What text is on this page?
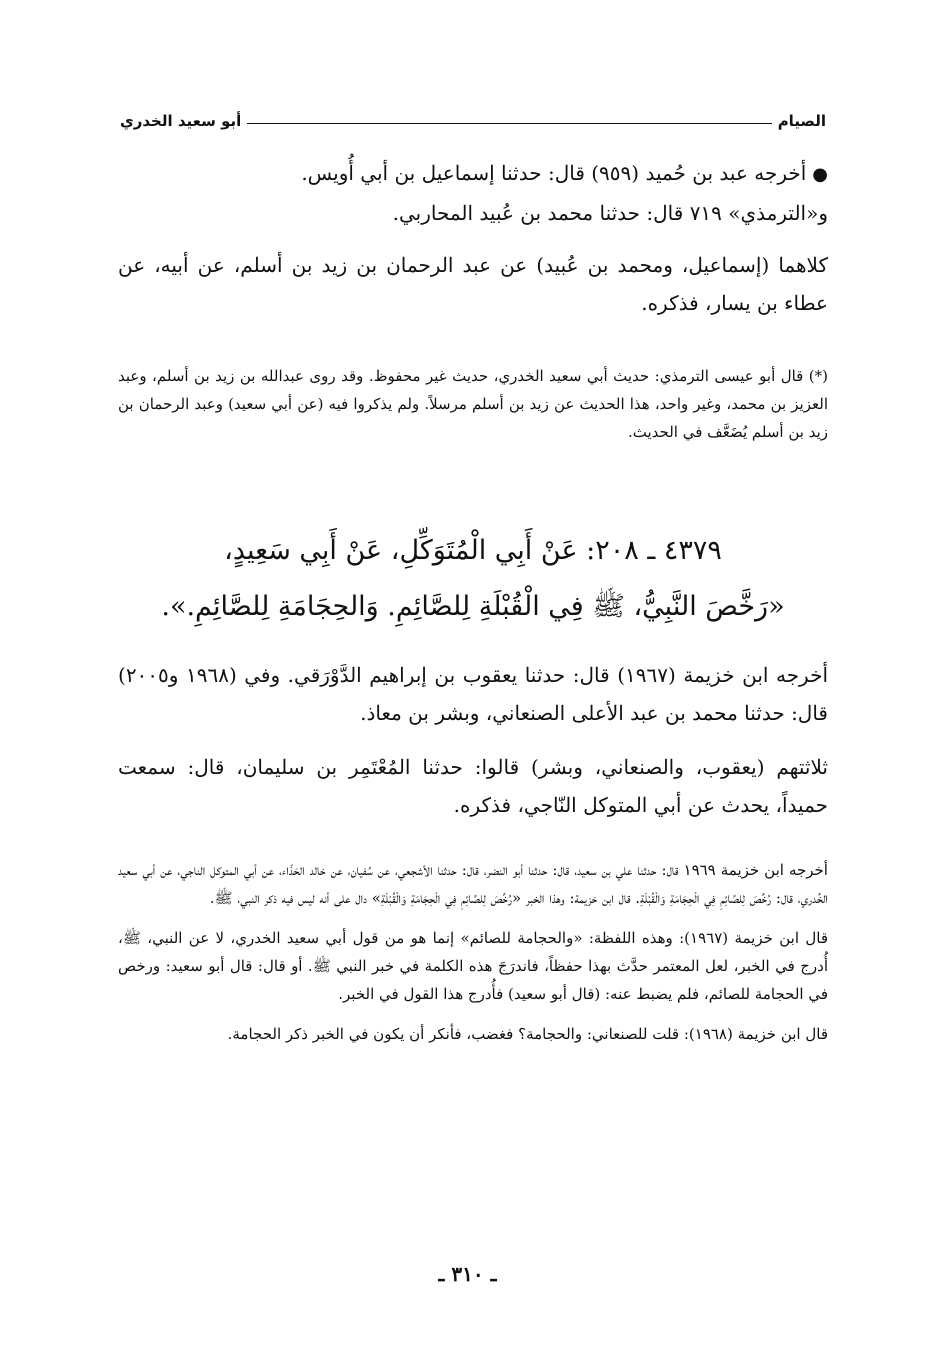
الصيام
أبو سعيد الخدري

●أخرجه عبد بن حُميد (٩٥٩) قال: حدثنا إسماعيل بن أبي أُويس.

و«الترمذي» ٧١٩ قال: حدثنا محمد بن عُبيد المحاربي.

كلاهما (إسماعيل، ومحمد بن عُبيد) عن عبد الرحمان بن زيد بن أسلم، عن أبيه، عن عطاء بن يسار، فذكره.

(*) قال أبو عيسى الترمذي: حديث أبي سعيد الخدري، حديث غير محفوظ. وقد روى عبدالله بن زيد بن أسلم، وعبد العزيز بن محمد، وغير واحد، هذا الحديث عن زيد بن أسلم مرسلاً. ولم يذكروا فيه (عن أبي سعيد) وعبد الرحمان بن زيد بن أسلم يُضَعَّف في الحديث.

٤٣٧٩ ـ ٢٠٨: عَنْ أَبِي الْمُتَوَكِّلِ، عَنْ أَبِي سَعِيدٍ،

«رَخَّصَ النَّبِيُّ، ﷺ فِي الْقُبْلَةِ لِلصَّائِمِ. وَالحِجَامَةِ لِلصَّائِمِ.».

أخرجه ابن خزيمة (١٩٦٧) قال: حدثنا يعقوب بن إبراهيم الدَّوْرَقي. وفي (١٩٦٨ و٢٠٠٥) قال: حدثنا محمد بن عبد الأعلى الصنعاني، وبشر بن معاذ.

ثلاثتهم (يعقوب، والصنعاني، وبشر) قالوا: حدثنا المُعْتَمِر بن سليمان، قال: سمعت حميداً، يحدث عن أبي المتوكل النّاجي، فذكره.

أخرجه ابن خزيمة ١٩٦٩ قال: حدثنا علي بن سعيد، قال: حدثنا أبو النضر، قال: حدثنا الأشجعي، عن سُفيان، عن خالد الحَذّاء، عن أبي المتوكل الناجي، عن أبي سعيد الخُدري، قال: رُخِّصَ لِلصَّائِمِ فِي الْحِجَامَةِ وَالْقُبْلَةِ. قال ابن خزيمة: وهذا الخبر «رُخِّصَ لِلصَّائِمِ فِي الْحِجَامَةِ وَالْقُبْلَةِ» دال على أنه ليس فيه ذكر النبي، ﷺ.

قال ابن خزيمة (١٩٦٧): وهذه اللفظة: «والحجامة للصائم» إنما هو من قول أبي سعيد الخدري، لا عن النبي، ﷺ، أُدرج في الخبر، لعل المعتمر حدَّث بهذا حفظاً، فاندرَجَ هذه الكلمة في خبر النبي ﷺ. أو قال: قال أبو سعيد: ورخص في الحجامة للصائم، فلم يضبط عنه: (قال أبو سعيد) فأُدرج هذا القول في الخبر.

قال ابن خزيمة (١٩٦٨): قلت للصنعاني: والحجامة؟ فغضب، فأنكر أن يكون في الخبر ذكر الحجامة.

ـ ٣١٠ ـ
